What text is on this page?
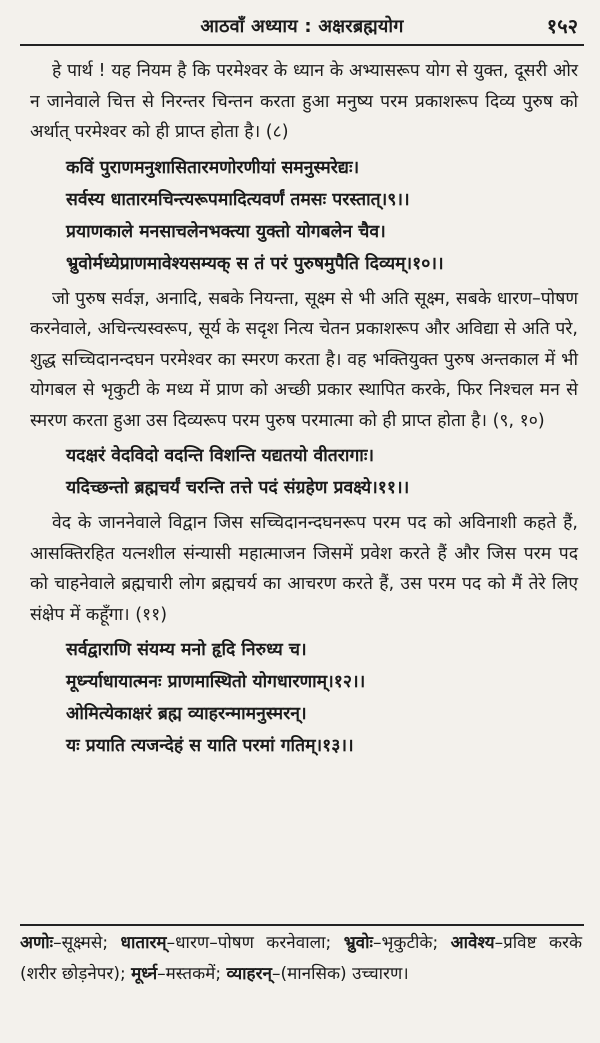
आठवाँ अध्याय : अक्षरब्रह्मयोग	१५२

हे पार्थ ! यह नियम है कि परमेश्वर के ध्यान के अभ्यासरूप योग से युक्त, दूसरी ओर न जानेवाले चित्त से निरन्तर चिन्तन करता हुआ मनुष्य परम प्रकाशरूप दिव्य पुरुष को अर्थात् परमेश्वर को ही प्राप्त होता है। (८)

कविं पुराणमनुशासितारमणोरणीयां समनुस्मरेद्यः।
सर्वस्य धातारमचिन्त्यरूपमादित्यवर्णं तमसः परस्तात्।९।।
प्रयाणकाले मनसाचलेनभक्त्या युक्तो योगबलेन चैव।
भ्रुवोर्मध्येप्राणमावेश्यसम्यक् स तं परं पुरुषमुपैति दिव्यम्।१०।।

जो पुरुष सर्वज्ञ, अनादि, सबके नियन्ता, सूक्ष्म से भी अति सूक्ष्म, सबके धारण–पोषण करनेवाले, अचिन्त्यस्वरूप, सूर्य के सदृश नित्य चेतन प्रकाशरूप और अविद्या से अति परे, शुद्ध सच्चिदानन्दघन परमेश्वर का स्मरण करता है। वह भक्तियुक्त पुरुष अन्तकाल में भी योगबल से भृकुटी के मध्य में प्राण को अच्छी प्रकार स्थापित करके, फिर निश्चल मन से स्मरण करता हुआ उस दिव्यरूप परम पुरुष परमात्मा को ही प्राप्त होता है। (९, १०)

यदक्षरं वेदविदो वदन्ति विशन्ति यद्यतयो वीतरागाः।
यदिच्छन्तो ब्रह्मचर्यं चरन्ति तत्ते पदं संग्रहेण प्रवक्ष्ये।११।।

वेद के जाननेवाले विद्वान जिस सच्चिदानन्दघनरूप परम पद को अविनाशी कहते हैं, आसक्तिरहित यत्नशील संन्यासी महात्माजन जिसमें प्रवेश करते हैं और जिस परम पद को चाहनेवाले ब्रह्मचारी लोग ब्रह्मचर्य का आचरण करते हैं, उस परम पद को मैं तेरे लिए संक्षेप में कहूँगा। (११)

सर्वद्वाराणि संयम्य मनो हृदि निरुध्य च।
मूर्ध्न्याधायात्मनः प्राणमास्थितो योगधारणाम्।१२।।
ओमित्येकाक्षरं ब्रह्म व्याहरन्मामनुस्मरन्।
यः प्रयाति त्यजन्देहं स याति परमां गतिम्।१३।।
अणोः–सूक्ष्मसे; धातारम्–धारण–पोषण करनेवाला; भ्रुवोः–भृकुटीके; आवेश्य–प्रविष्ट करके (शरीर छोड़नेपर); मूर्ध्न–मस्तकमें; व्याहरन्–(मानसिक) उच्चारण।
